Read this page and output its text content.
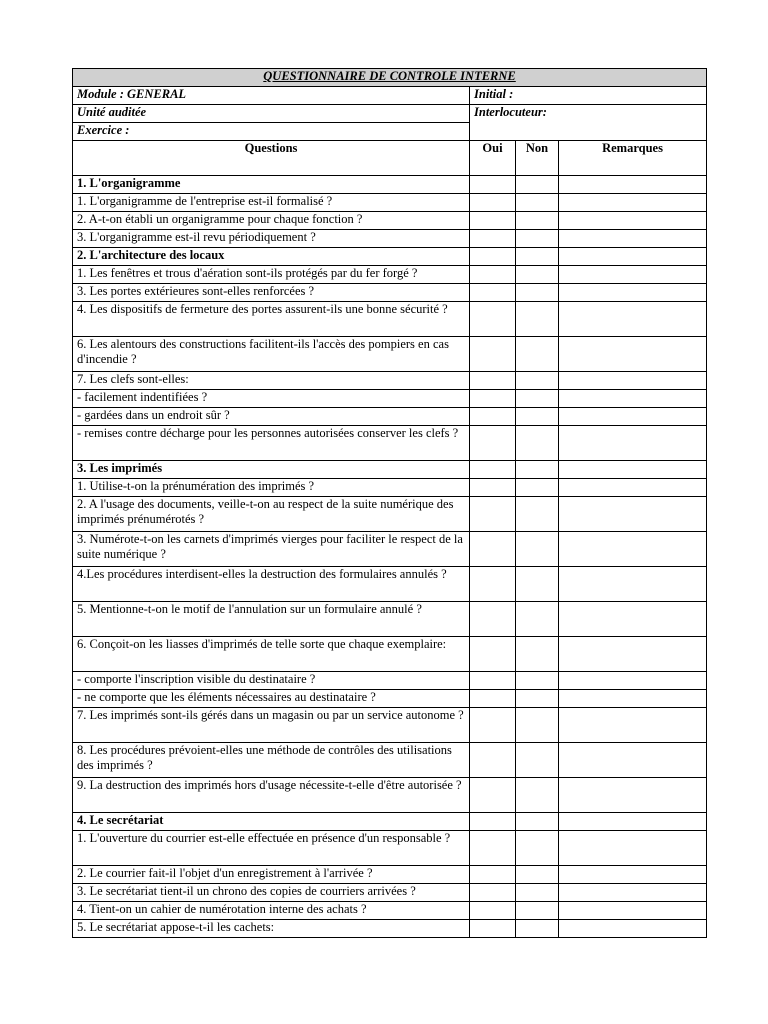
QUESTIONNAIRE DE CONTROLE INTERNE			
Module : GENERAL	Initial :		
Unité auditée	Interlocuteur:		
Exercice :			
Questions	Oui	Non	Remarques
1. L'organigramme			
1. L'organigramme de l'entreprise est-il formalisé ?			
2. A-t-on établi un organigramme pour chaque fonction ?			
3. L'organigramme est-il revu périodiquement ?			
2. L'architecture des locaux			
1. Les fenêtres et trous d'aération sont-ils protégés par du fer forgé ?			
3. Les portes extérieures sont-elles renforcées ?			
4. Les dispositifs de fermeture des portes assurent-ils une bonne sécurité ?			
6. Les alentours des constructions facilitent-ils l'accès des pompiers en cas d'incendie ?			
7. Les clefs sont-elles:			
- facilement indentifiées ?			
- gardées dans un endroit sûr ?			
- remises contre décharge pour les personnes autorisées conserver les clefs ?			
3. Les imprimés			
1. Utilise-t-on la prénumération des imprimés ?			
2. A l'usage des documents, veille-t-on au respect de la suite numérique des imprimés prénumérotés ?			
3. Numérote-t-on les carnets d'imprimés vierges pour faciliter le respect de la suite numérique ?			
4.Les procédures interdisent-elles la destruction des formulaires annulés ?			
5. Mentionne-t-on le motif de l'annulation sur un formulaire annulé ?			
6. Conçoit-on les liasses d'imprimés de telle sorte que chaque exemplaire:			
- comporte l'inscription visible du destinataire ?			
- ne comporte que les éléments nécessaires au destinataire ?			
7. Les imprimés sont-ils gérés dans un magasin ou par un service autonome ?			
8. Les procédures prévoient-elles une méthode de contrôles des utilisations des imprimés ?			
9. La destruction des imprimés hors d'usage nécessite-t-elle d'être autorisée ?			
4. Le secrétariat			
1. L'ouverture du courrier est-elle effectuée en présence d'un responsable ?			
2. Le courrier fait-il l'objet d'un enregistrement à l'arrivée ?			
3. Le secrétariat tient-il un chrono des copies de courriers arrivées ?			
4. Tient-on un cahier de numérotation interne des achats ?			
5. Le secrétariat appose-t-il les cachets:			
